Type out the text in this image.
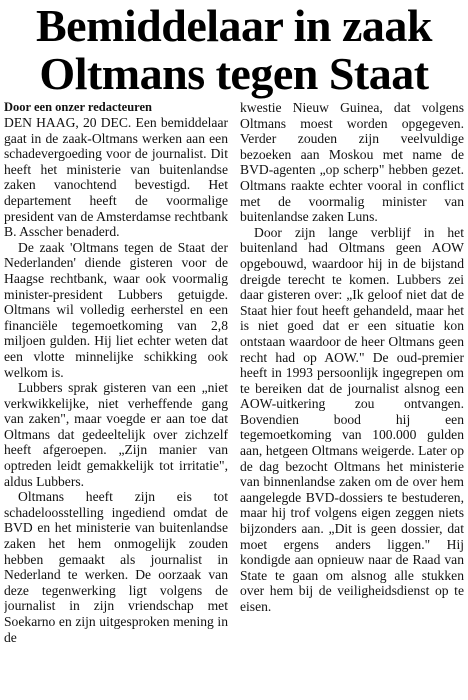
Bemiddelaar in zaak
Oltmans tegen Staat
Door een onzer redacteuren

DEN HAAG, 20 DEC. Een bemiddelaar gaat in de zaak-Oltmans werken aan een schadevergoeding voor de journalist. Dit heeft het ministerie van buitenlandse zaken vanochtend bevestigd. Het departement heeft de voormalige president van de Amsterdamse rechtbank B. Asscher benaderd.

De zaak 'Oltmans tegen de Staat der Nederlanden' diende gisteren voor de Haagse rechtbank, waar ook voormalig minister-president Lubbers getuigde. Oltmans wil volledig eerherstel en een financiële tegemoetkoming van 2,8 miljoen gulden. Hij liet echter weten dat een vlotte minnelijke schikking ook welkom is.

Lubbers sprak gisteren van een „niet verkwikkelijke, niet verheffende gang van zaken", maar voegde er aan toe dat Oltmans dat gedeeltelijk over zichzelf heeft afgeroepen. „Zijn manier van optreden leidt gemakkelijk tot irritatie", aldus Lubbers.

Oltmans heeft zijn eis tot schadeloosstelling ingediend omdat de BVD en het ministerie van buitenlandse zaken het hem onmogelijk zouden hebben gemaakt als journalist in Nederland te werken. De oorzaak van deze tegenwerking ligt volgens de journalist in zijn vriendschap met Soekarno en zijn uitgesproken mening in de

kwestie Nieuw Guinea, dat volgens Oltmans moest worden opgegeven. Verder zouden zijn veelvuldige bezoeken aan Moskou met name de BVD-agenten „op scherp" hebben gezet. Oltmans raakte echter vooral in conflict met de voormalig minister van buitenlandse zaken Luns.

Door zijn lange verblijf in het buitenland had Oltmans geen AOW opgebouwd, waardoor hij in de bijstand dreigde terecht te komen. Lubbers zei daar gisteren over: „Ik geloof niet dat de Staat hier fout heeft gehandeld, maar het is niet goed dat er een situatie kon ontstaan waardoor de heer Oltmans geen recht had op AOW." De oud-premier heeft in 1993 persoonlijk ingegrepen om te bereiken dat de journalist alsnog een AOW-uitkering zou ontvangen. Bovendien bood hij een tegemoetkoming van 100.000 gulden aan, hetgeen Oltmans weigerde. Later op de dag bezocht Oltmans het ministerie van binnenlandse zaken om de over hem aangelegde BVD-dossiers te bestuderen, maar hij trof volgens eigen zeggen niets bijzonders aan. „Dit is geen dossier, dat moet ergens anders liggen." Hij kondigde aan opnieuw naar de Raad van State te gaan om alsnog alle stukken over hem bij de veiligheidsdienst op te eisen.
